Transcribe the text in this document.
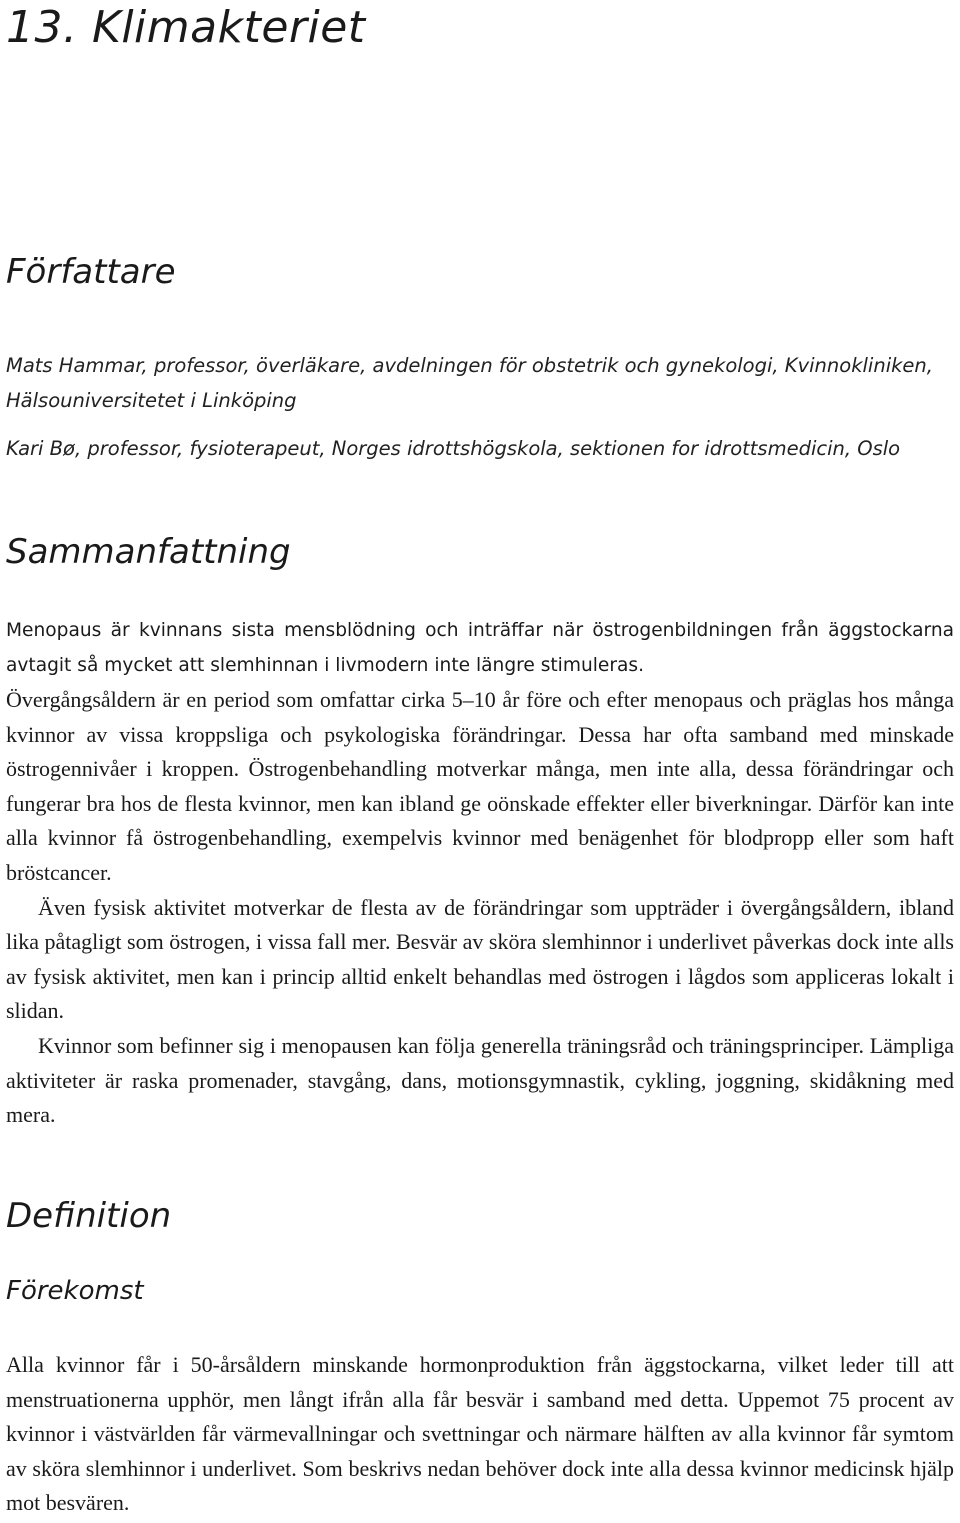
13. Klimakteriet
Författare

Mats Hammar, professor, överläkare, avdelningen för obstetrik och gynekologi, Kvinnokliniken, Hälsouniversitetet i Linköping

Kari Bø, professor, fysioterapeut, Norges idrottshögskola, sektionen for idrottsmedicin, Oslo

Sammanfattning

Menopaus är kvinnans sista mensblödning och inträffar när östrogenbildningen från äggstockarna avtagit så mycket att slemhinnan i livmodern inte längre stimuleras.

Övergångsåldern är en period som omfattar cirka 5–10 år före och efter menopaus och präglas hos många kvinnor av vissa kroppsliga och psykologiska förändringar. Dessa har ofta samband med minskade östrogennivåer i kroppen. Östrogenbehandling motverkar många, men inte alla, dessa förändringar och fungerar bra hos de flesta kvinnor, men kan ibland ge oönskade effekter eller biverkningar. Därför kan inte alla kvinnor få östrogenbehandling, exempelvis kvinnor med benägenhet för blodpropp eller som haft bröstcancer.

Även fysisk aktivitet motverkar de flesta av de förändringar som uppträder i övergångsåldern, ibland lika påtagligt som östrogen, i vissa fall mer. Besvär av sköra slemhinnor i underlivet påverkas dock inte alls av fysisk aktivitet, men kan i princip alltid enkelt behandlas med östrogen i lågdos som appliceras lokalt i slidan.

Kvinnor som befinner sig i menopausen kan följa generella träningsråd och träningsprinciper. Lämpliga aktiviteter är raska promenader, stavgång, dans, motionsgymnastik, cykling, joggning, skidåkning med mera.

Definition
Förekomst

Alla kvinnor får i 50-årsåldern minskande hormonproduktion från äggstockarna, vilket leder till att menstruationerna upphör, men långt ifrån alla får besvär i samband med detta. Uppemot 75 procent av kvinnor i västvärlden får värmevallningar och svettningar och närmare hälften av alla kvinnor får symtom av sköra slemhinnor i underlivet. Som beskrivs nedan behöver dock inte alla dessa kvinnor medicinsk hjälp mot besvären.
